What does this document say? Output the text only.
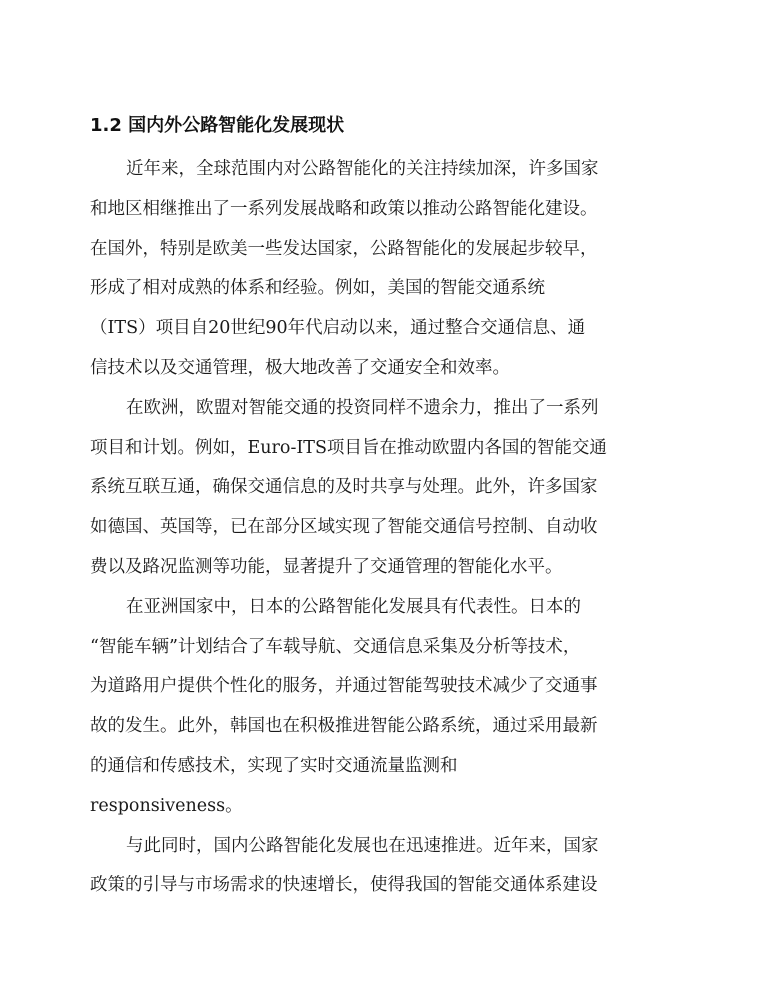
1.2 国内外公路智能化发展现状
近年来，全球范围内对公路智能化的关注持续加深，许多国家
和地区相继推出了一系列发展战略和政策以推动公路智能化建设。
在国外，特别是欧美一些发达国家，公路智能化的发展起步较早，
形成了相对成熟的体系和经验。例如，美国的智能交通系统
（ITS）项目自20世纪90年代启动以来，通过整合交通信息、通
信技术以及交通管理，极大地改善了交通安全和效率。
在欧洲，欧盟对智能交通的投资同样不遗余力，推出了一系列
项目和计划。例如，Euro-ITS项目旨在推动欧盟内各国的智能交通
系统互联互通，确保交通信息的及时共享与处理。此外，许多国家
如德国、英国等，已在部分区域实现了智能交通信号控制、自动收
费以及路况监测等功能，显著提升了交通管理的智能化水平。
在亚洲国家中，日本的公路智能化发展具有代表性。日本的
“智能车辆”计划结合了车载导航、交通信息采集及分析等技术，
为道路用户提供个性化的服务，并通过智能驾驶技术减少了交通事
故的发生。此外，韩国也在积极推进智能公路系统，通过采用最新
的通信和传感技术，实现了实时交通流量监测和
responsiveness。
与此同时，国内公路智能化发展也在迅速推进。近年来，国家
政策的引导与市场需求的快速增长，使得我国的智能交通体系建设
